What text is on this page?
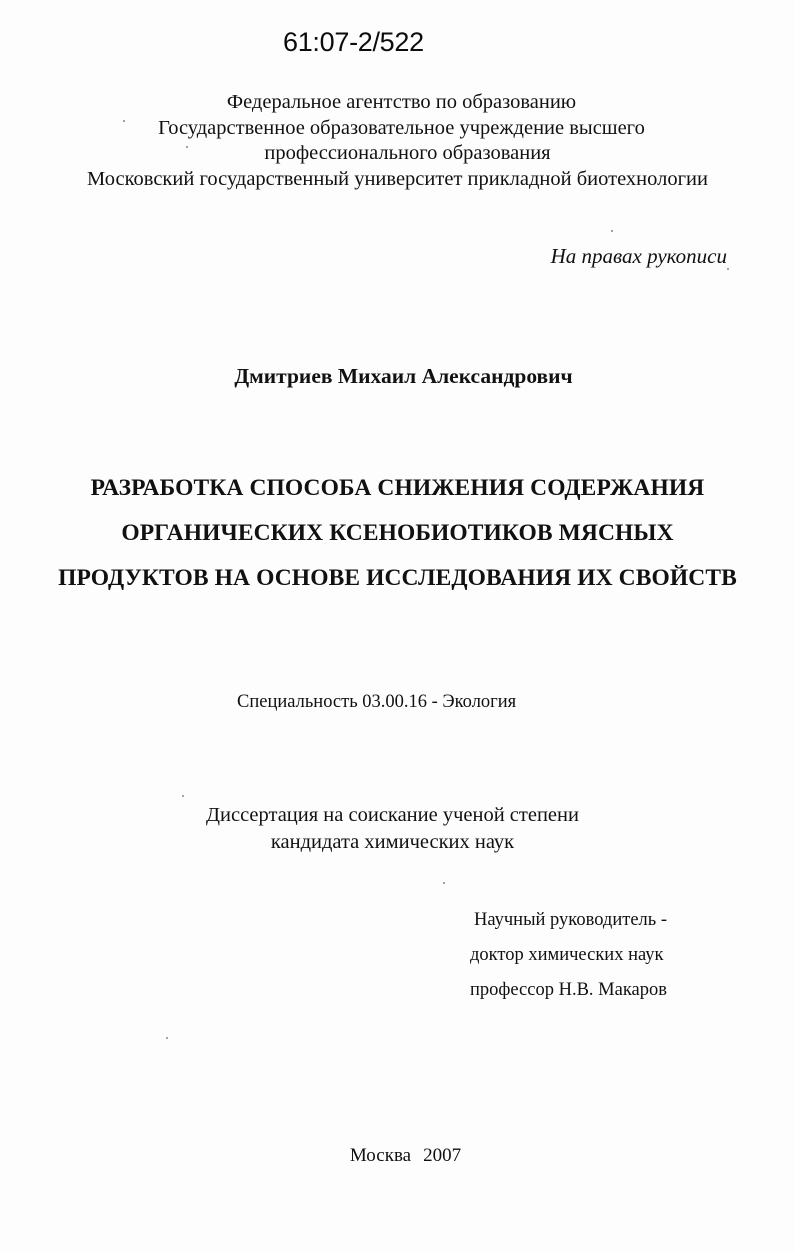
61:07-2/522
Федеральное агентство по образованию
Государственное образовательное учреждение высшего
профессионального образования
Московский государственный университет прикладной биотехнологии
На правах рукописи
Дмитриев Михаил Александрович
РАЗРАБОТКА СПОСОБА СНИЖЕНИЯ СОДЕРЖАНИЯ
ОРГАНИЧЕСКИХ КСЕНОБИОТИКОВ МЯСНЫХ
ПРОДУКТОВ НА ОСНОВЕ ИССЛЕДОВАНИЯ ИХ СВОЙСТВ
Специальность 03.00.16 - Экология
Диссертация на соискание ученой степени
кандидата химических наук
Научный руководитель -
доктор химических наук
профессор Н.В. Макаров
Москва 2007
